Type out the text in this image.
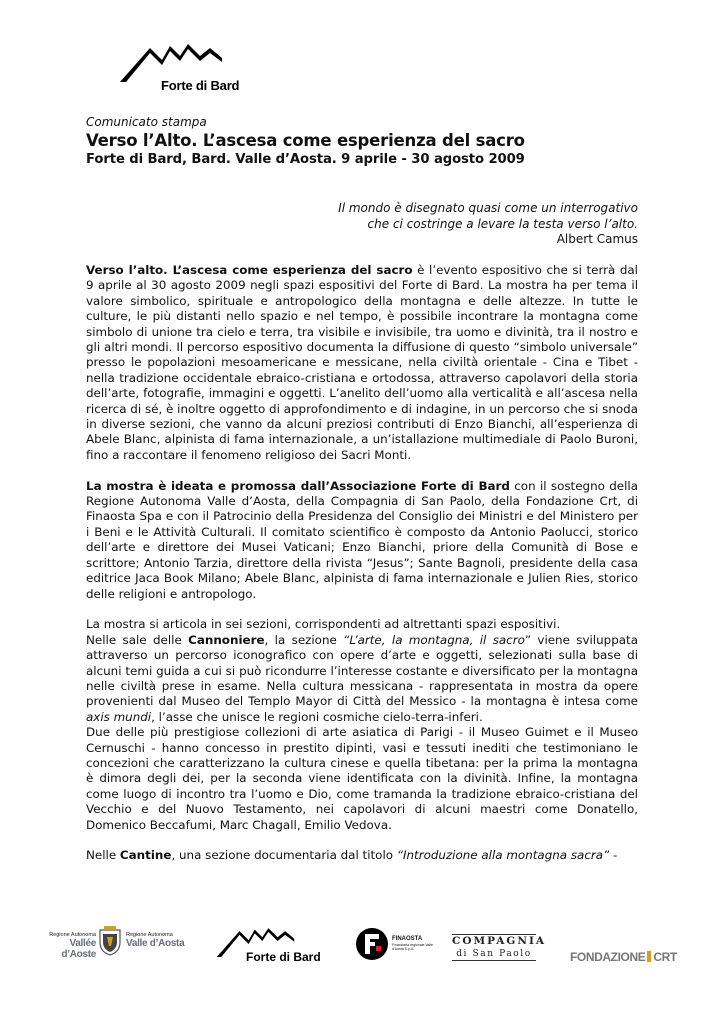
Forte di Bard
Comunicato stampa
Verso l’Alto. L’ascesa come esperienza del sacro
Forte di Bard, Bard. Valle d’Aosta. 9 aprile - 30 agosto 2009
Il mondo è disegnato quasi come un interrogativo
che ci costringe a levare la testa verso l’alto.
Albert Camus

Verso l’alto. L’ascesa come esperienza del sacro è l’evento espositivo che si terrà dal 9 aprile al 30 agosto 2009 negli spazi espositivi del Forte di Bard. La mostra ha per tema il valore simbolico, spirituale e antropologico della montagna e delle altezze. In tutte le culture, le più distanti nello spazio e nel tempo, è possibile incontrare la montagna come simbolo di unione tra cielo e terra, tra visibile e invisibile, tra uomo e divinità, tra il nostro e gli altri mondi. Il percorso espositivo documenta la diffusione di questo “simbolo universale” presso le popolazioni mesoamericane e messicane, nella civiltà orientale - Cina e Tibet - nella tradizione occidentale ebraico-cristiana e ortodossa, attraverso capolavori della storia dell’arte, fotografie, immagini e oggetti. L’anelito dell’uomo alla verticalità e all’ascesa nella ricerca di sé, è inoltre oggetto di approfondimento e di indagine, in un percorso che si snoda in diverse sezioni, che vanno da alcuni preziosi contributi di Enzo Bianchi, all’esperienza di Abele Blanc, alpinista di fama internazionale, a un’istallazione multimediale di Paolo Buroni, fino a raccontare il fenomeno religioso dei Sacri Monti.

La mostra è ideata e promossa dall’Associazione Forte di Bard con il sostegno della Regione Autonoma Valle d’Aosta, della Compagnia di San Paolo, della Fondazione Crt, di Finaosta Spa e con il Patrocinio della Presidenza del Consiglio dei Ministri e del Ministero per i Beni e le Attività Culturali. Il comitato scientifico è composto da Antonio Paolucci, storico dell’arte e direttore dei Musei Vaticani; Enzo Bianchi, priore della Comunità di Bose e scrittore; Antonio Tarzia, direttore della rivista “Jesus”; Sante Bagnoli, presidente della casa editrice Jaca Book Milano; Abele Blanc, alpinista di fama internazionale e Julien Ries, storico delle religioni e antropologo.

La mostra si articola in sei sezioni, corrispondenti ad altrettanti spazi espositivi.

Nelle sale delle Cannoniere, la sezione “L’arte, la montagna, il sacro” viene sviluppata attraverso un percorso iconografico con opere d’arte e oggetti, selezionati sulla base di alcuni temi guida a cui si può ricondurre l’interesse costante e diversificato per la montagna nelle civiltà prese in esame. Nella cultura messicana - rappresentata in mostra da opere provenienti dal Museo del Templo Mayor di Città del Messico - la montagna è intesa come axis mundi, l’asse che unisce le regioni cosmiche cielo-terra-inferi.

Due delle più prestigiose collezioni di arte asiatica di Parigi - il Museo Guimet e il Museo Cernuschi - hanno concesso in prestito dipinti, vasi e tessuti inediti che testimoniano le concezioni che caratterizzano la cultura cinese e quella tibetana: per la prima la montagna è dimora degli dei, per la seconda viene identificata con la divinità. Infine, la montagna come luogo di incontro tra l’uomo e Dio, come tramanda la tradizione ebraico-cristiana del Vecchio e del Nuovo Testamento, nei capolavori di alcuni maestri come Donatello, Domenico Beccafumi, Marc Chagall, Emilio Vedova.

Nelle Cantine, una sezione documentaria dal titolo “Introduzione alla montagna sacra” -

Regione Autonoma
Vallée d’Aoste
Regione Autonoma
Valle d’Aosta
Forte di Bard
FINAOSTA
Finanziaria regionale Valle d’Aosta S.p.A.
COMPAGNIA
di San Paolo	FONDAZIONE CRT
